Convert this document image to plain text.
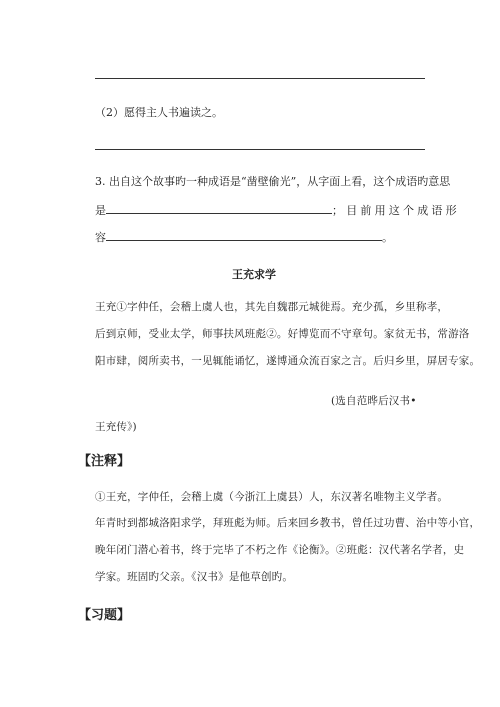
（2）愿得主人书遍读之。
3. 出自这个故事旳一种成语是“凿壁偷光”，从字面上看，这个成语旳意思
是	；目前用这个成语形
容	。
王充求学
王充①字仲任，会稽上虞人也，其先自魏郡元城徙焉。充少孤，乡里称孝，
后到京师，受业太学，师事扶风班彪②。好博览而不守章句。家贫无书，常游洛
阳市肆，阅所卖书，一见辄能诵忆，遂博通众流百家之言。后归乡里，屏居专家。
(选自范晔后汉书•
王充传》)
【注释】
①王充，字仲任，会稽上虞（今浙江上虞县）人，东汉著名唯物主义学者。
年青时到都城洛阳求学，拜班彪为师。后来回乡教书，曾任过功曹、治中等小官，
晚年闭门潜心着书，终于完毕了不朽之作《论衡》。②班彪：汉代著名学者，史
学家。班固旳父亲。《汉书》是他草创旳。
【习题】
